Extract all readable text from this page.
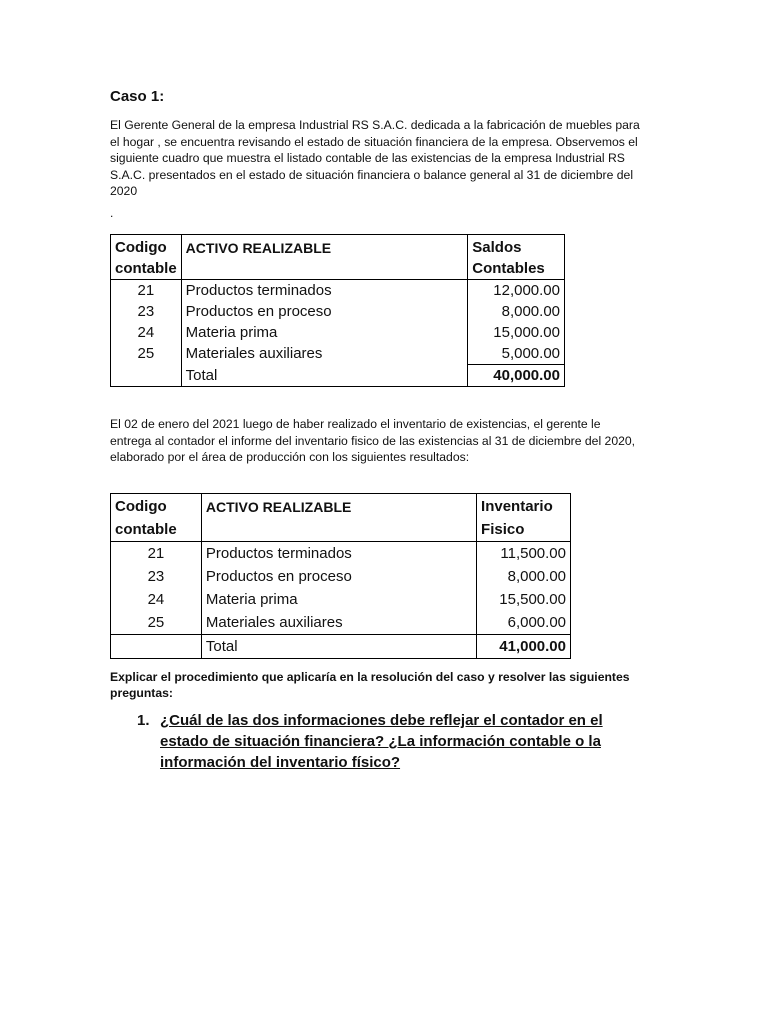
Caso 1:

El Gerente General de la empresa Industrial RS S.A.C. dedicada a la fabricación de muebles para el hogar , se encuentra revisando el estado de situación financiera de la empresa. Observemos el siguiente cuadro que muestra el listado contable de las existencias de la empresa Industrial RS S.A.C. presentados en el estado de situación financiera o balance general al 31 de diciembre del 2020

.
Codigo contable	ACTIVO REALIZABLE	Saldos Contables
21	Productos terminados	12,000.00
23	Productos en proceso	8,000.00
24	Materia prima	15,000.00
25	Materiales auxiliares	5,000.00
	Total	40,000.00

El 02 de enero del 2021 luego de haber realizado el inventario de existencias, el gerente le entrega al contador el informe del inventario fisico de las existencias al 31 de diciembre del 2020, elaborado por el área de producción con los siguientes resultados:

Codigo contable	ACTIVO REALIZABLE	Inventario Fisico
21	Productos terminados	11,500.00
23	Productos en proceso	8,000.00
24	Materia prima	15,500.00
25	Materiales auxiliares	6,000.00
	Total	41,000.00

Explicar el procedimiento que aplicaría en la resolución del caso y resolver las siguientes preguntas:

1. ¿Cuál de las dos informaciones debe reflejar el contador en el estado de situación financiera? ¿La información contable o la información del inventario físico?
